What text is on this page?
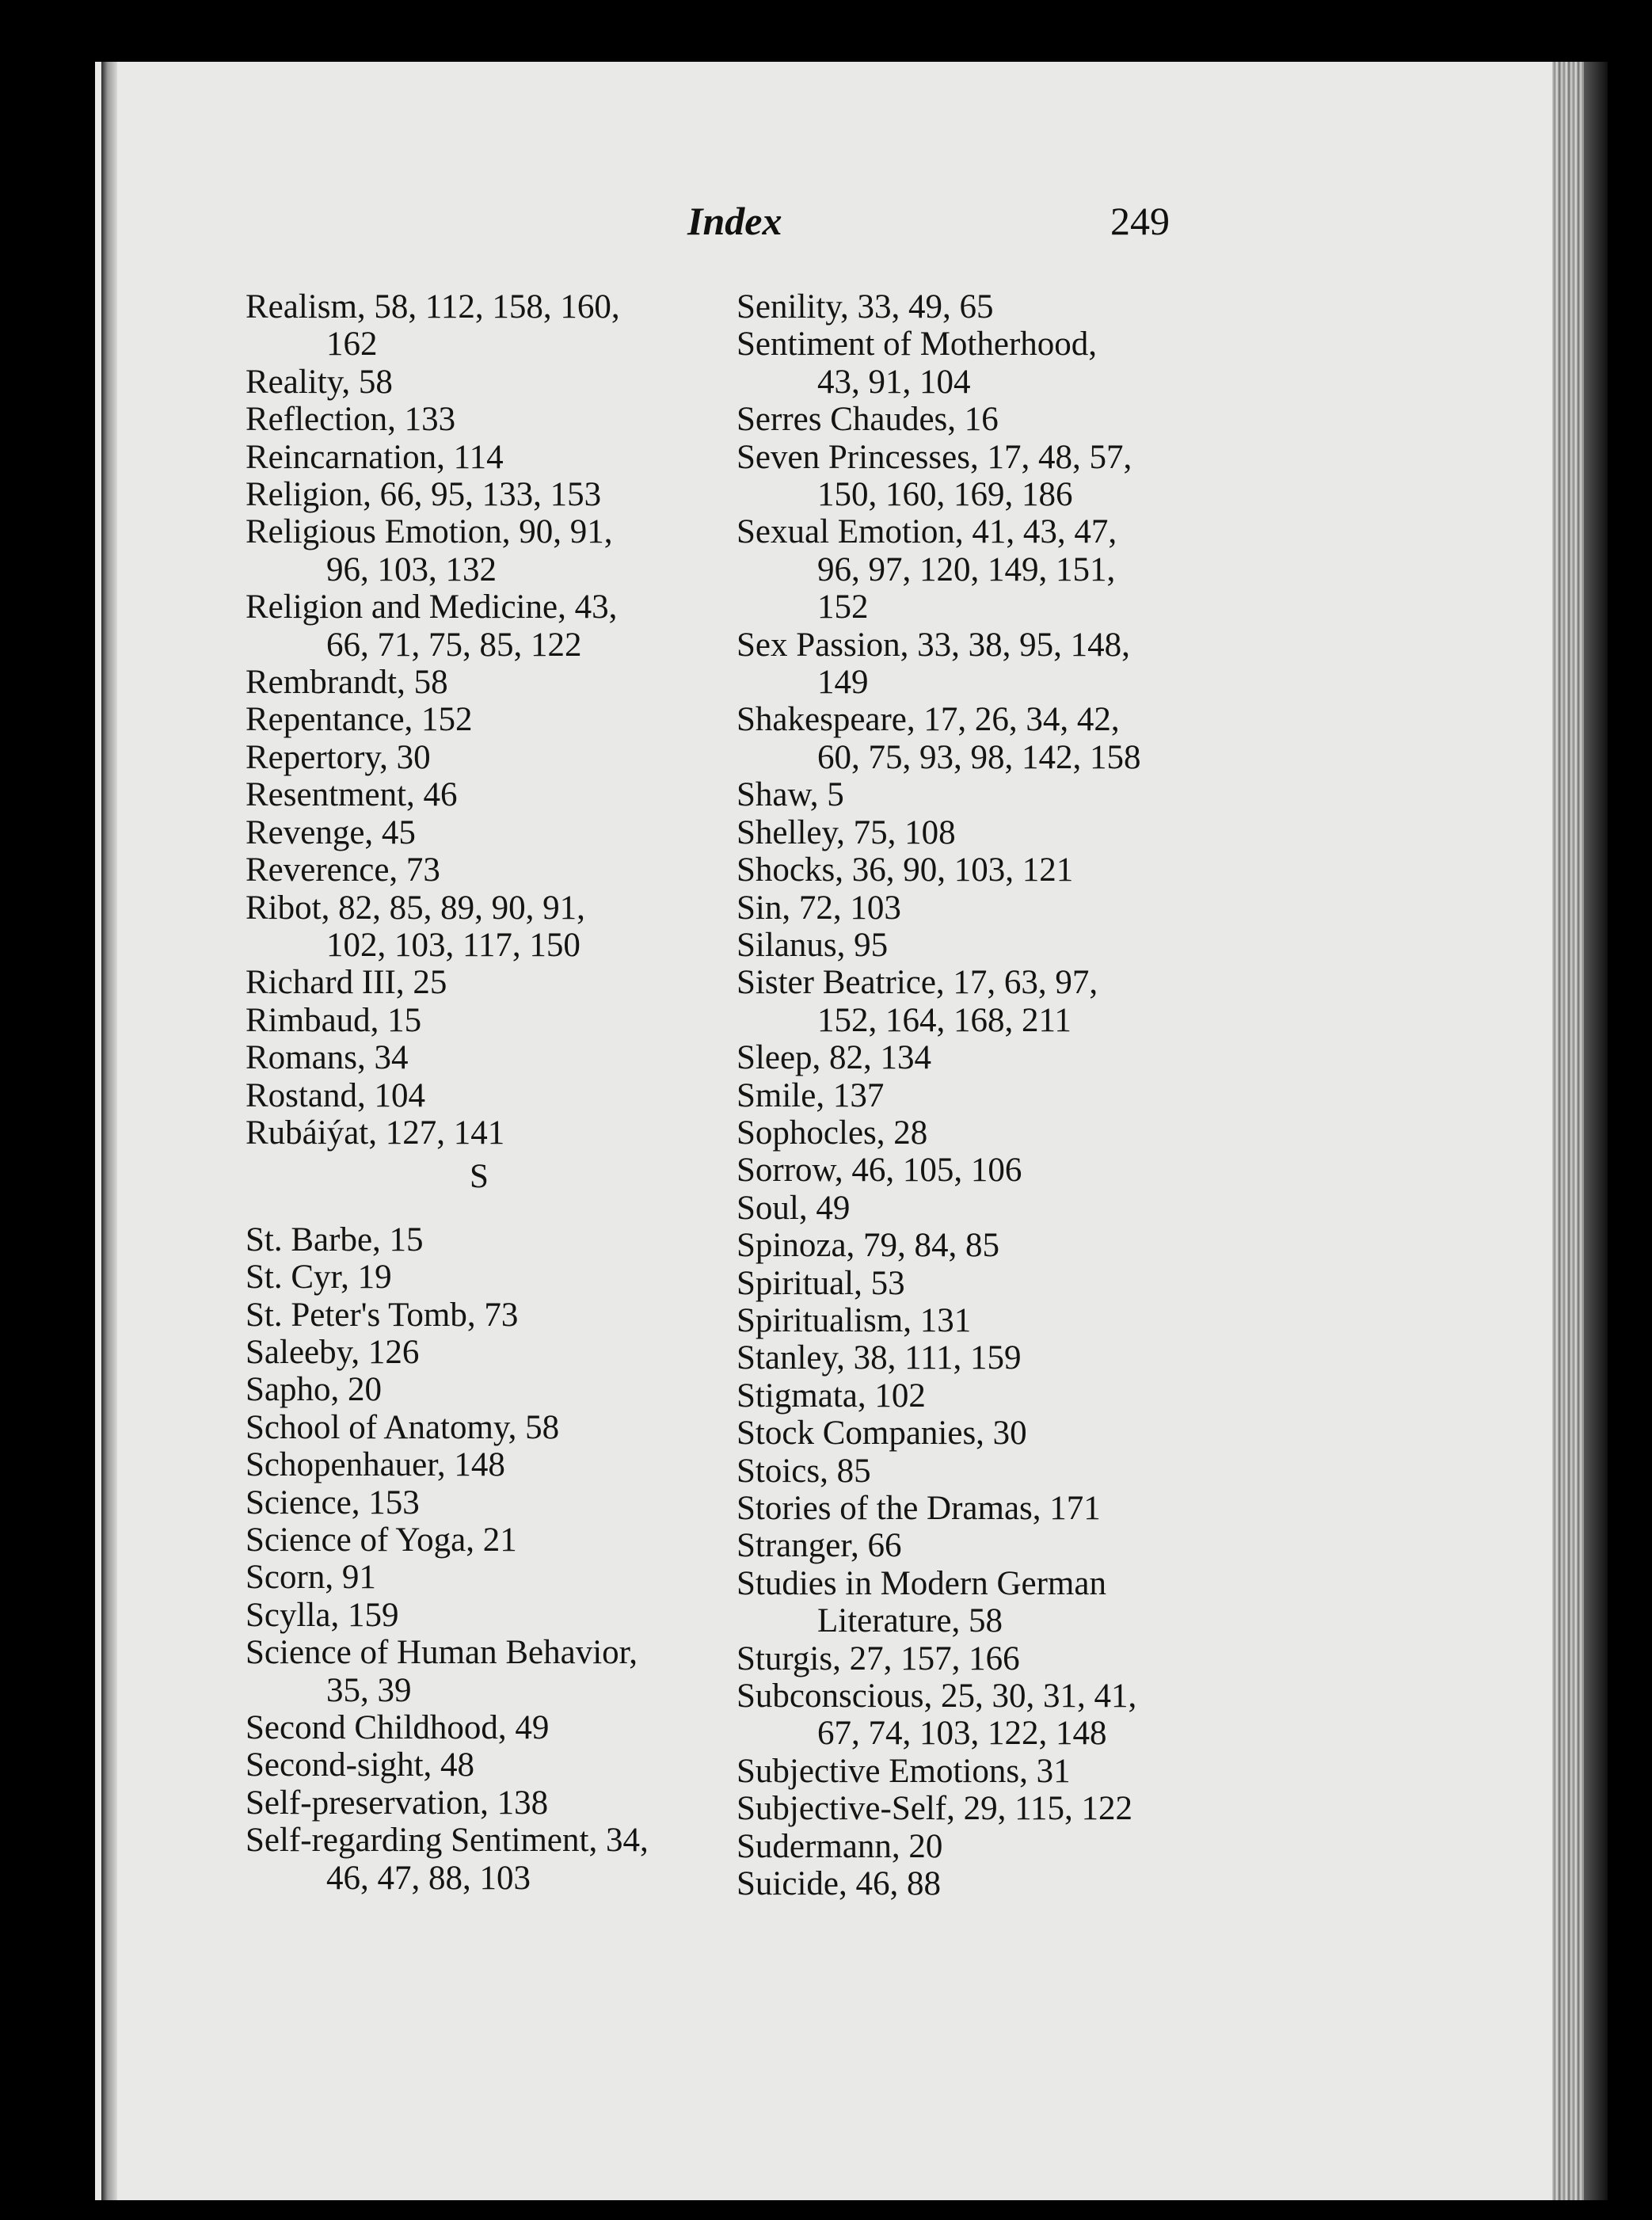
Index	249
Realism, 58, 112, 158, 160,
162
Reality, 58
Reflection, 133
Reincarnation, 114
Religion, 66, 95, 133, 153
Religious Emotion, 90, 91,
96, 103, 132
Religion and Medicine, 43,
66, 71, 75, 85, 122
Rembrandt, 58
Repentance, 152
Repertory, 30
Resentment, 46
Revenge, 45
Reverence, 73
Ribot, 82, 85, 89, 90, 91,
102, 103, 117, 150
Richard III, 25
Rimbaud, 15
Romans, 34
Rostand, 104
Rubáiýat, 127, 141
S
St. Barbe, 15
St. Cyr, 19
St. Peter's Tomb, 73
Saleeby, 126
Sapho, 20
School of Anatomy, 58
Schopenhauer, 148
Science, 153
Science of Yoga, 21
Scorn, 91
Scylla, 159
Science of Human Behavior,
35, 39
Second Childhood, 49
Second-sight, 48
Self-preservation, 138
Self-regarding Sentiment, 34,
46, 47, 88, 103
Senility, 33, 49, 65
Sentiment of Motherhood,
43, 91, 104
Serres Chaudes, 16
Seven Princesses, 17, 48, 57,
150, 160, 169, 186
Sexual Emotion, 41, 43, 47,
96, 97, 120, 149, 151,
152
Sex Passion, 33, 38, 95, 148,
149
Shakespeare, 17, 26, 34, 42,
60, 75, 93, 98, 142, 158
Shaw, 5
Shelley, 75, 108
Shocks, 36, 90, 103, 121
Sin, 72, 103
Silanus, 95
Sister Beatrice, 17, 63, 97,
152, 164, 168, 211
Sleep, 82, 134
Smile, 137
Sophocles, 28
Sorrow, 46, 105, 106
Soul, 49
Spinoza, 79, 84, 85
Spiritual, 53
Spiritualism, 131
Stanley, 38, 111, 159
Stigmata, 102
Stock Companies, 30
Stoics, 85
Stories of the Dramas, 171
Stranger, 66
Studies in Modern German
Literature, 58
Sturgis, 27, 157, 166
Subconscious, 25, 30, 31, 41,
67, 74, 103, 122, 148
Subjective Emotions, 31
Subjective-Self, 29, 115, 122
Sudermann, 20
Suicide, 46, 88
